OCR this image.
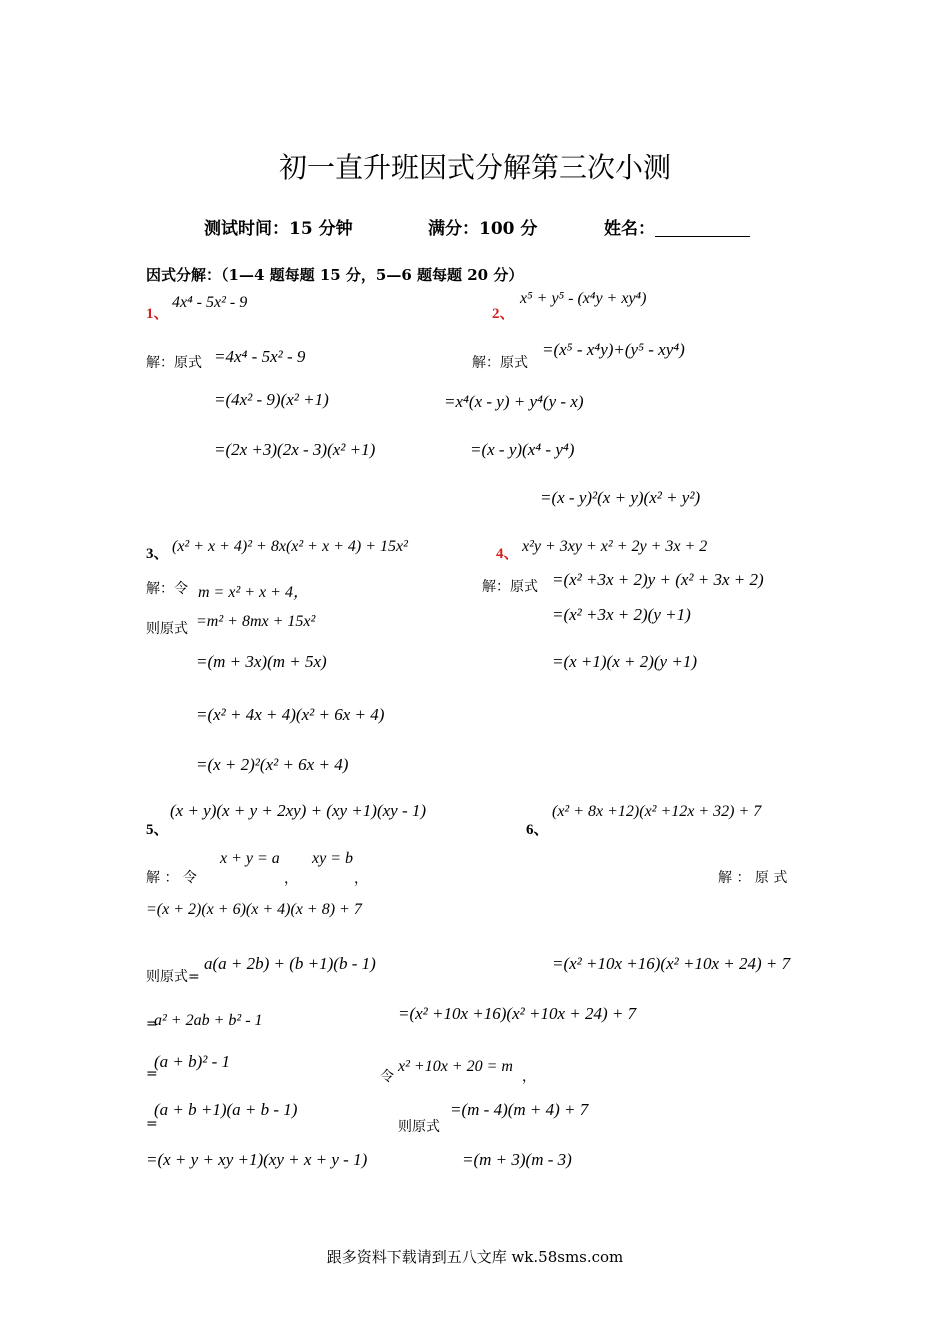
初一直升班因式分解第三次小测
测试时间：15 分钟	满分：100 分	姓名：
因式分解：（1—4 题每题 15 分，5—6 题每题 20 分）
1、
4x⁴ - 5x² - 9
解：原式 =4x⁴ - 5x² - 9
=(4x² - 9)(x² +1)
=(2x +3)(2x - 3)(x² +1)
2、
x⁵ + y⁵ - (x⁴y + xy⁴)
解：原式
=(x⁵ - x⁴y)+(y⁵ - xy⁴)
=x⁴(x - y) + y⁴(y - x)
=(x - y)(x⁴ - y⁴)
=(x - y)²(x + y)(x² + y²)
3、 (x² + x + 4)² + 8x(x² + x + 4) + 15x²
解：令 m = x² + x + 4，
则原式 =m² + 8mx + 15x²
=(m + 3x)(m + 5x)
=(x² + 4x + 4)(x² + 6x + 4)
=(x + 2)²(x² + 6x + 4)
4、 x²y + 3xy + x² + 2y + 3x + 2
解：原式 =(x² +3x + 2)y + (x² + 3x + 2)
=(x² +3x + 2)(y +1)
=(x +1)(x + 2)(y +1)
5、
(x + y)(x + y + 2xy) + (xy +1)(xy - 1)
解 ： 令
x + y = a
，
xy = b
，
则原式=
a(a + 2b) + (b +1)(b - 1)
=
a² + 2ab + b² - 1
=
(a + b)² - 1
=
(a + b +1)(a + b - 1)
=(x + y + xy +1)(xy + x + y - 1)
6、
(x² + 8x +12)(x² +12x + 32) + 7
解 ： 原 式
=(x + 2)(x + 6)(x + 4)(x + 8) + 7
=(x² +10x +16)(x² +10x + 24) + 7
=(x² +10x +16)(x² +10x + 24) + 7
令
x² +10x + 20 = m
，
则原式
=(m - 4)(m + 4) + 7
=(m + 3)(m - 3)
跟多资料下载请到五八文库 wk.58sms.com
